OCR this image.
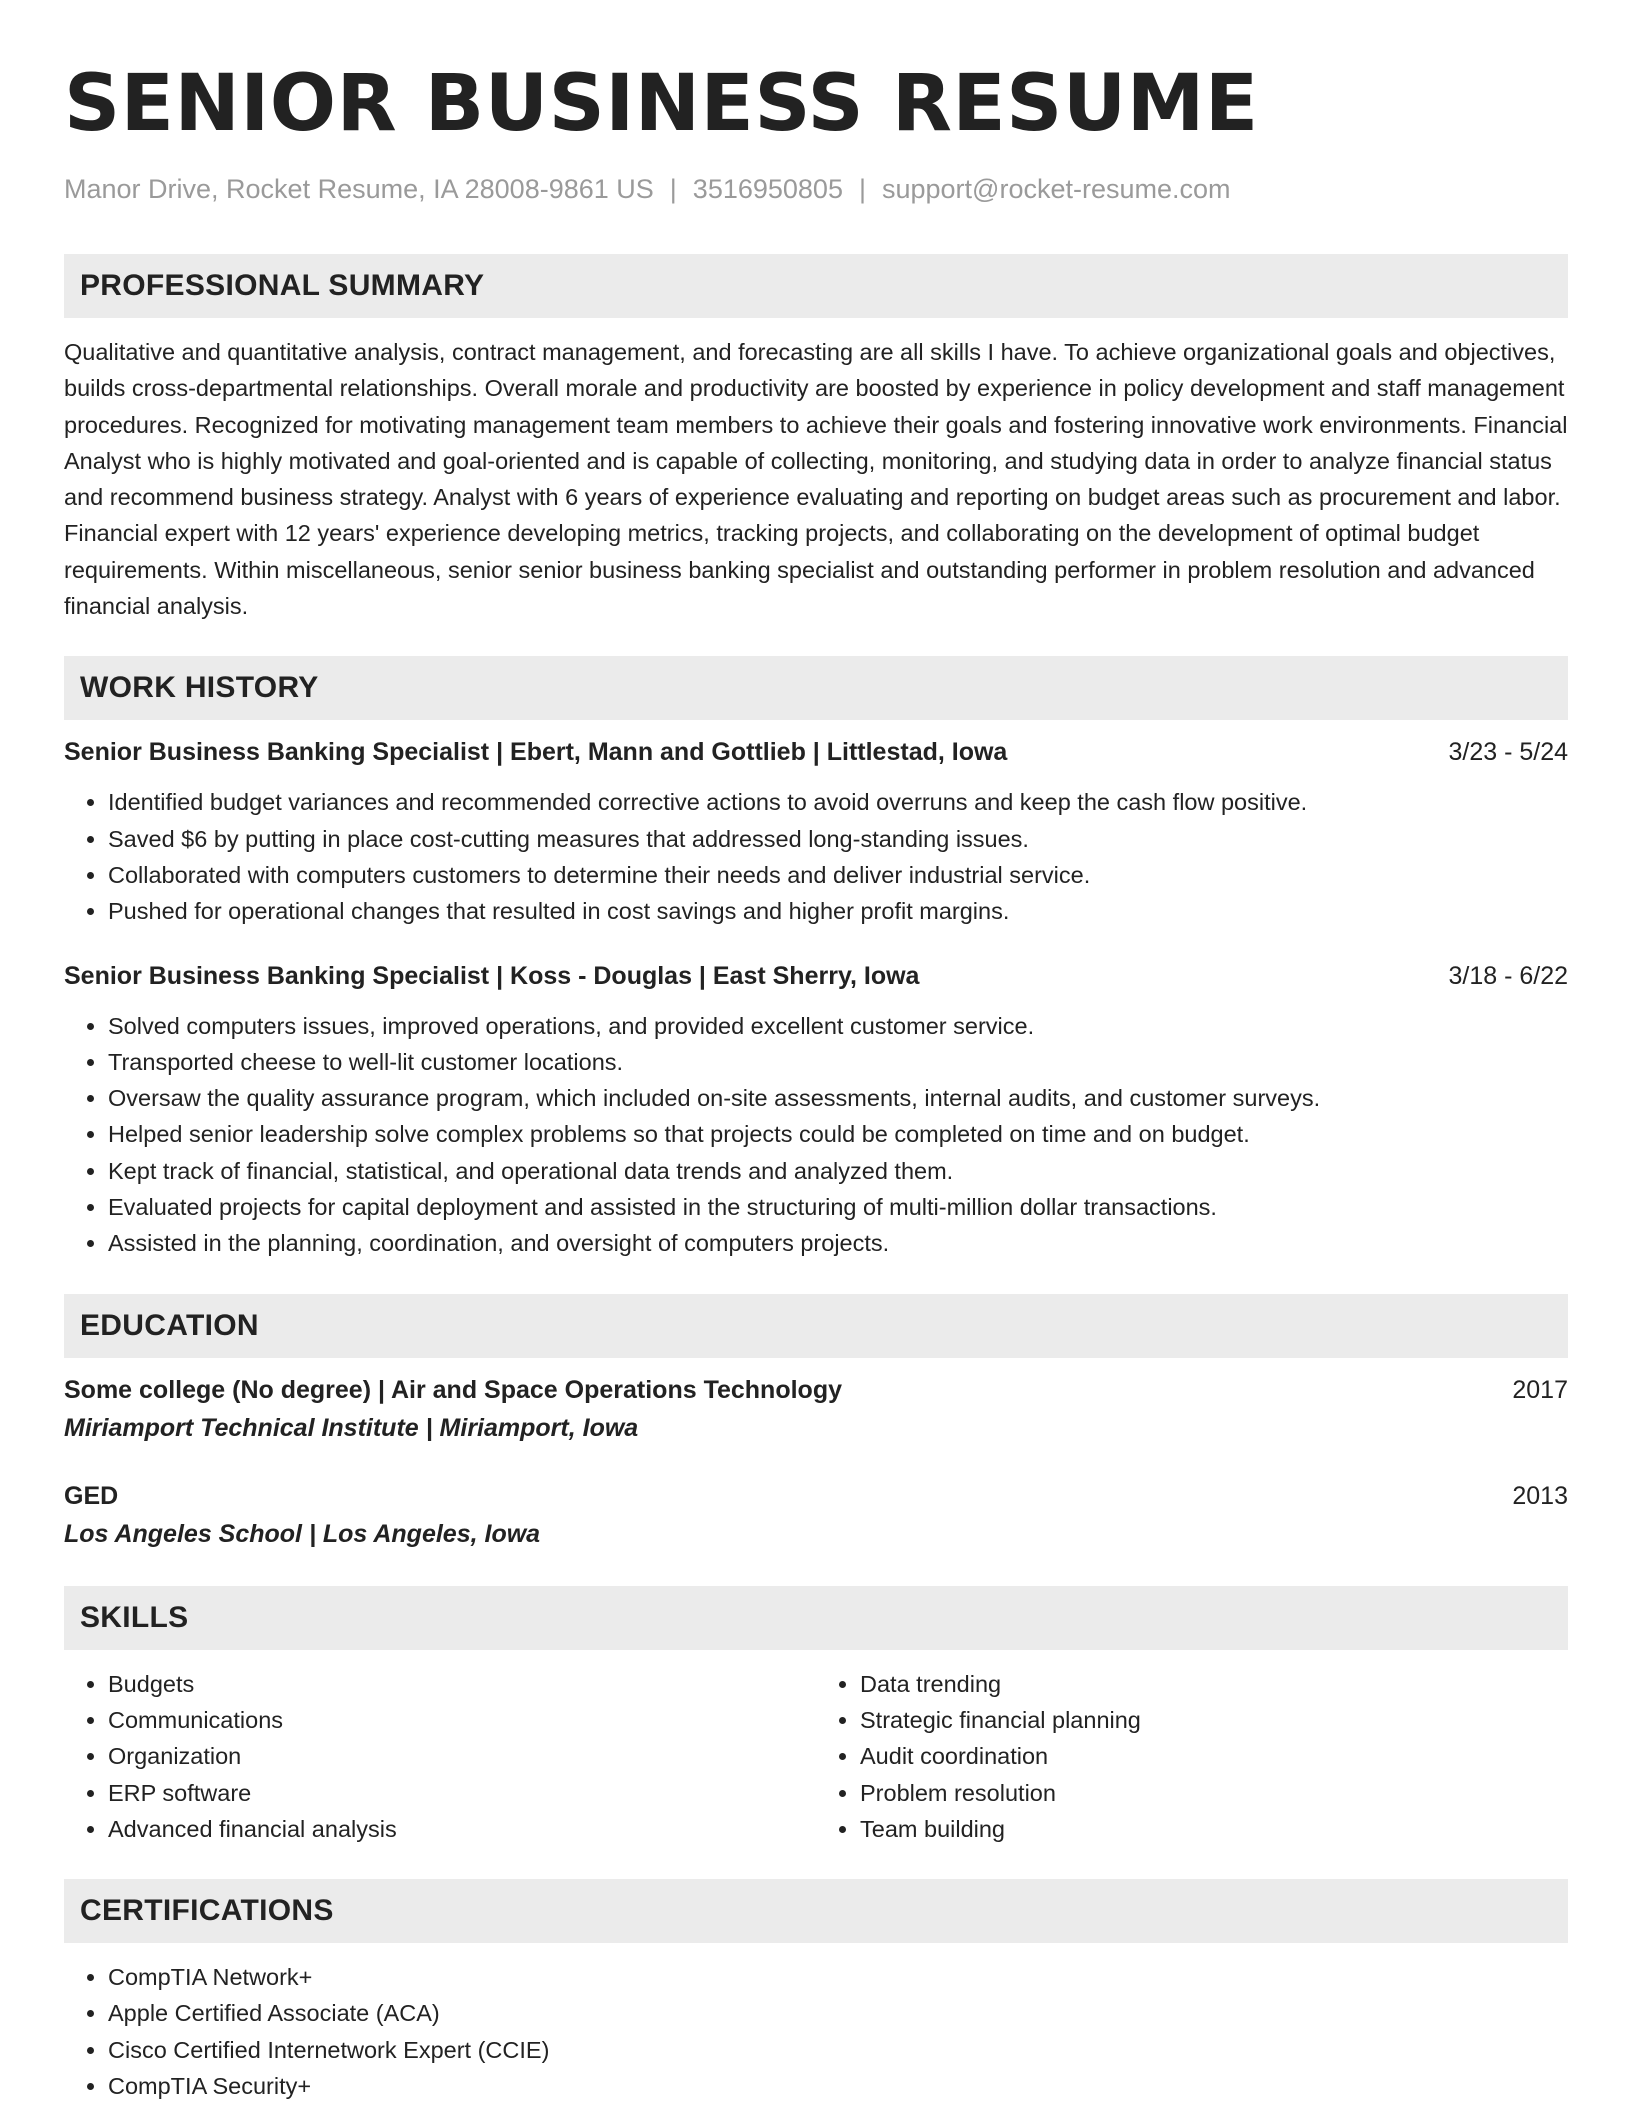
SENIOR BUSINESS RESUME
Manor Drive, Rocket Resume, IA 28008-9861 US | 3516950805 | support@rocket-resume.com
PROFESSIONAL SUMMARY

Qualitative and quantitative analysis, contract management, and forecasting are all skills I have. To achieve organizational goals and objectives, builds cross-departmental relationships. Overall morale and productivity are boosted by experience in policy development and staff management procedures. Recognized for motivating management team members to achieve their goals and fostering innovative work environments. Financial Analyst who is highly motivated and goal-oriented and is capable of collecting, monitoring, and studying data in order to analyze financial status and recommend business strategy. Analyst with 6 years of experience evaluating and reporting on budget areas such as procurement and labor. Financial expert with 12 years' experience developing metrics, tracking projects, and collaborating on the development of optimal budget requirements. Within miscellaneous, senior senior business banking specialist and outstanding performer in problem resolution and advanced financial analysis.

WORK HISTORY
Senior Business Banking Specialist | Ebert, Mann and Gottlieb | Littlestad, Iowa	3/23 - 5/24
• Identified budget variances and recommended corrective actions to avoid overruns and keep the cash flow positive.
• Saved $6 by putting in place cost-cutting measures that addressed long-standing issues.
• Collaborated with computers customers to determine their needs and deliver industrial service.
• Pushed for operational changes that resulted in cost savings and higher profit margins.
Senior Business Banking Specialist | Koss - Douglas | East Sherry, Iowa	3/18 - 6/22
• Solved computers issues, improved operations, and provided excellent customer service.
• Transported cheese to well-lit customer locations.
• Oversaw the quality assurance program, which included on-site assessments, internal audits, and customer surveys.
• Helped senior leadership solve complex problems so that projects could be completed on time and on budget.
• Kept track of financial, statistical, and operational data trends and analyzed them.
• Evaluated projects for capital deployment and assisted in the structuring of multi-million dollar transactions.
• Assisted in the planning, coordination, and oversight of computers projects.
EDUCATION
Some college (No degree) | Air and Space Operations Technology	2017
Miriamport Technical Institute | Miriamport, Iowa
GED	2013
Los Angeles School | Los Angeles, Iowa
SKILLS
• Budgets
• Communications
• Organization
• ERP software
• Advanced financial analysis
• Data trending
• Strategic financial planning
• Audit coordination
• Problem resolution
• Team building
CERTIFICATIONS
• CompTIA Network+
• Apple Certified Associate (ACA)
• Cisco Certified Internetwork Expert (CCIE)
• CompTIA Security+
